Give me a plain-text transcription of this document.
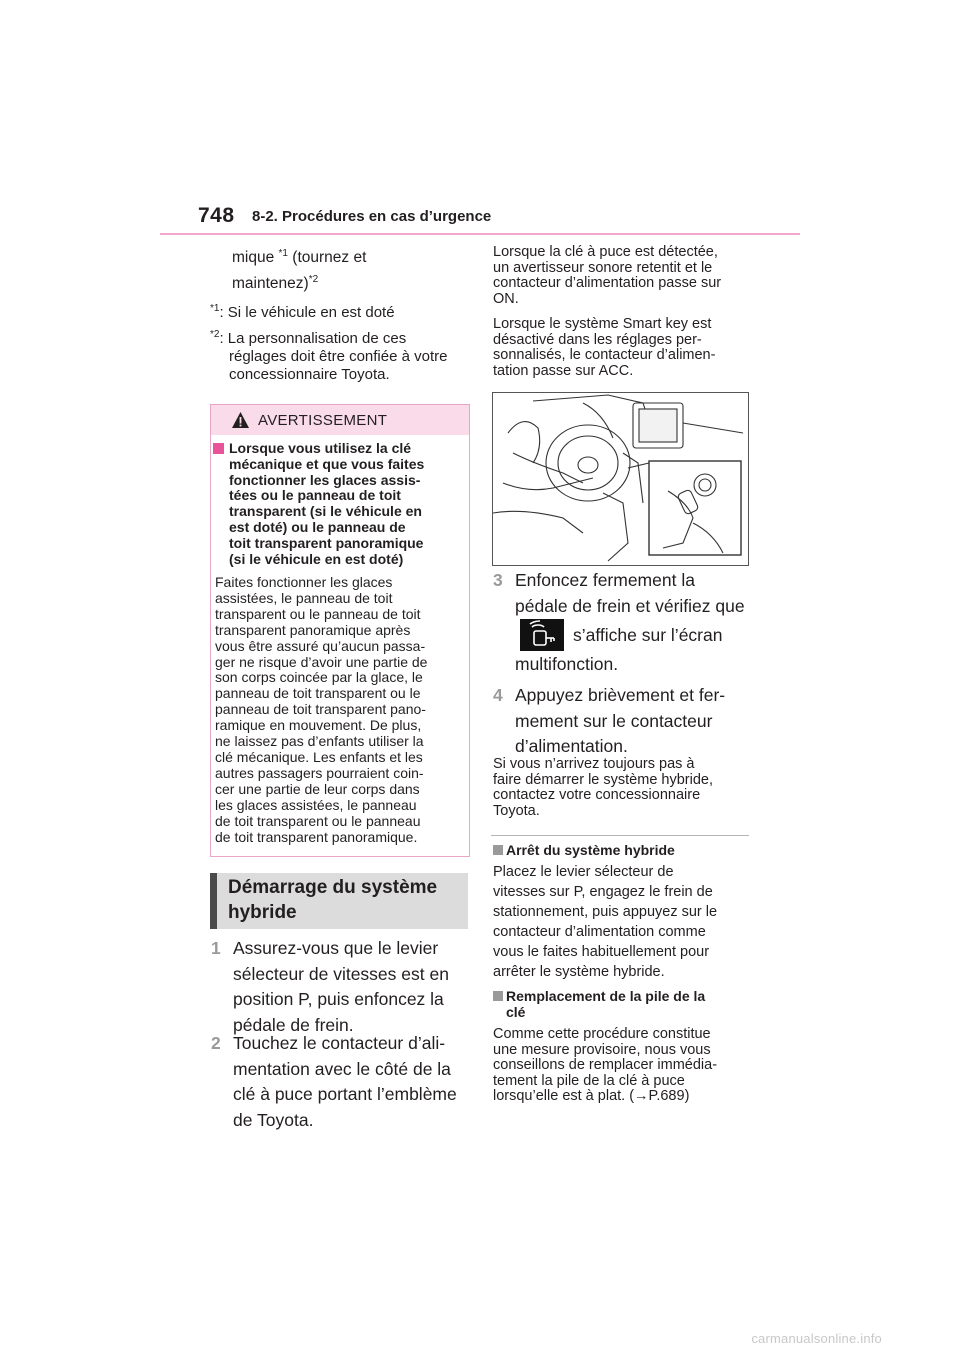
748 8-2. Procédures en cas d’urgence
mique $^{*1}$ (tournez et
maintenez)$^{*2}$
$^{*1}$: Si le véhicule en est doté
$^{*2}$: La personnalisation de ces
réglages doit être confiée à votre
concessionnaire Toyota.
AVERTISSEMENT
Lorsque vous utilisez la clé
mécanique et que vous faites
fonctionner les glaces assis-
tées ou le panneau de toit
transparent (si le véhicule en
est doté) ou le panneau de
toit transparent panoramique
(si le véhicule en est doté)
Faites fonctionner les glaces
assistées, le panneau de toit
transparent ou le panneau de toit
transparent panoramique après
vous être assuré qu’aucun passa-
ger ne risque d’avoir une partie de
son corps coincée par la glace, le
panneau de toit transparent ou le
panneau de toit transparent pano-
ramique en mouvement. De plus,
ne laissez pas d’enfants utiliser la
clé mécanique. Les enfants et les
autres passagers pourraient coin-
cer une partie de leur corps dans
les glaces assistées, le panneau
de toit transparent ou le panneau
de toit transparent panoramique.
Démarrage du système
hybride
1 Assurez-vous que le levier
sélecteur de vitesses est en
position P, puis enfoncez la
pédale de frein.
2 Touchez le contacteur d’ali-
mentation avec le côté de la
clé à puce portant l’emblème
de Toyota.
Lorsque la clé à puce est détectée,
un avertisseur sonore retentit et le
contacteur d’alimentation passe sur
ON.
Lorsque le système Smart key est
désactivé dans les réglages per-
sonnalisés, le contacteur d’alimen-
tation passe sur ACC.
3 Enfoncez fermement la
pédale de frein et vérifiez que
s’affiche sur l’écran
multifonction.
4 Appuyez brièvement et fer-
mement sur le contacteur
d’alimentation.
Si vous n’arrivez toujours pas à
faire démarrer le système hybride,
contactez votre concessionnaire
Toyota.
Arrêt du système hybride
Placez le levier sélecteur de
vitesses sur P, engagez le frein de
stationnement, puis appuyez sur le
contacteur d’alimentation comme
vous le faites habituellement pour
arrêter le système hybride.
Remplacement de la pile de la
clé
Comme cette procédure constitue
une mesure provisoire, nous vous
conseillons de remplacer immédia-
tement la pile de la clé à puce
lorsqu’elle est à plat. (→P.689)
carmanualsonline.info
